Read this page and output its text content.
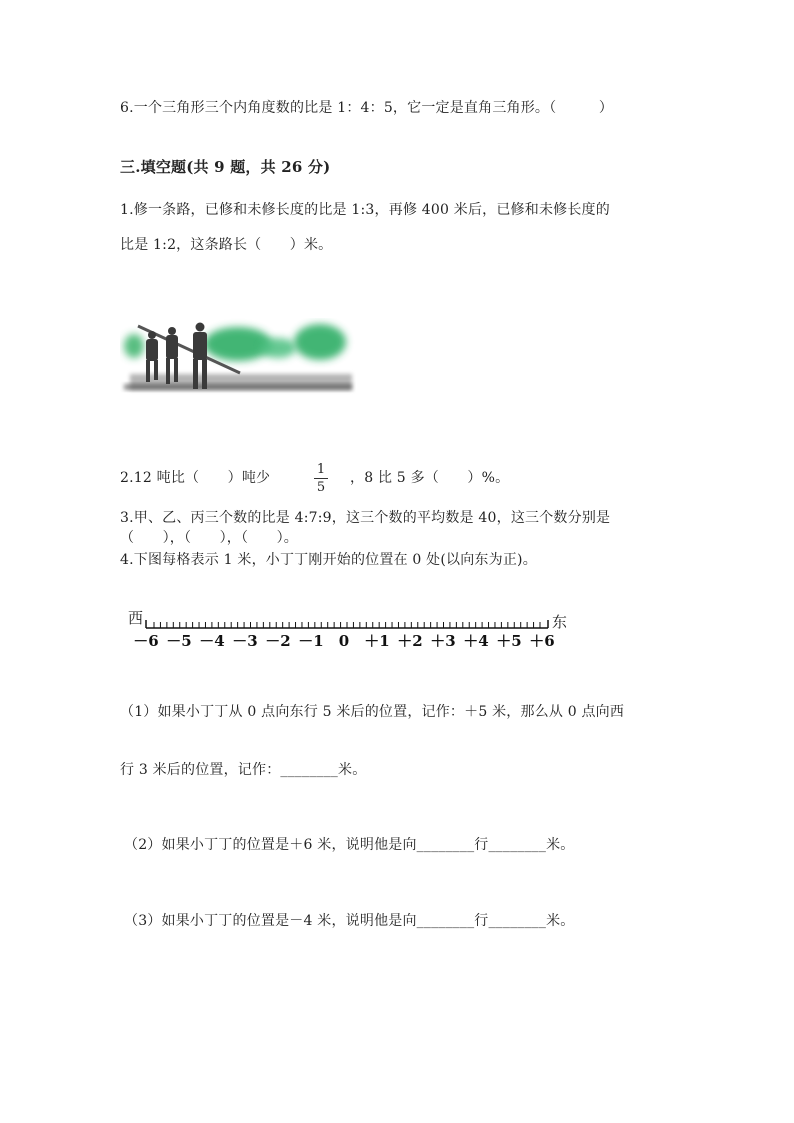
6.一个三角形三个内角度数的比是 1：4：5，它一定是直角三角形。（　　　）
三.填空题(共 9 题，共 26 分)
1.修一条路，已修和未修长度的比是 1:3，再修 400 米后，已修和未修长度的
比是 1:2，这条路长（　　）米。
2.12 吨比（　　）吨少
1
5
，8 比 5 多（　　）%。
3.甲、乙、丙三个数的比是 4:7:9，这三个数的平均数是 40，这三个数分别是
（　　），（　　），（　　）。
4.下图每格表示 1 米，小丁丁刚开始的位置在 0 处(以向东为正)。
西	东
－6 －5 －4 －3 －2 －1 0 ＋1 ＋2 ＋3 ＋4 ＋5 ＋6
（1）如果小丁丁从 0 点向东行 5 米后的位置，记作：＋5 米，那么从 0 点向西
行 3 米后的位置，记作：________米。
（2）如果小丁丁的位置是＋6 米，说明他是向________行________米。
（3）如果小丁丁的位置是－4 米，说明他是向________行________米。
